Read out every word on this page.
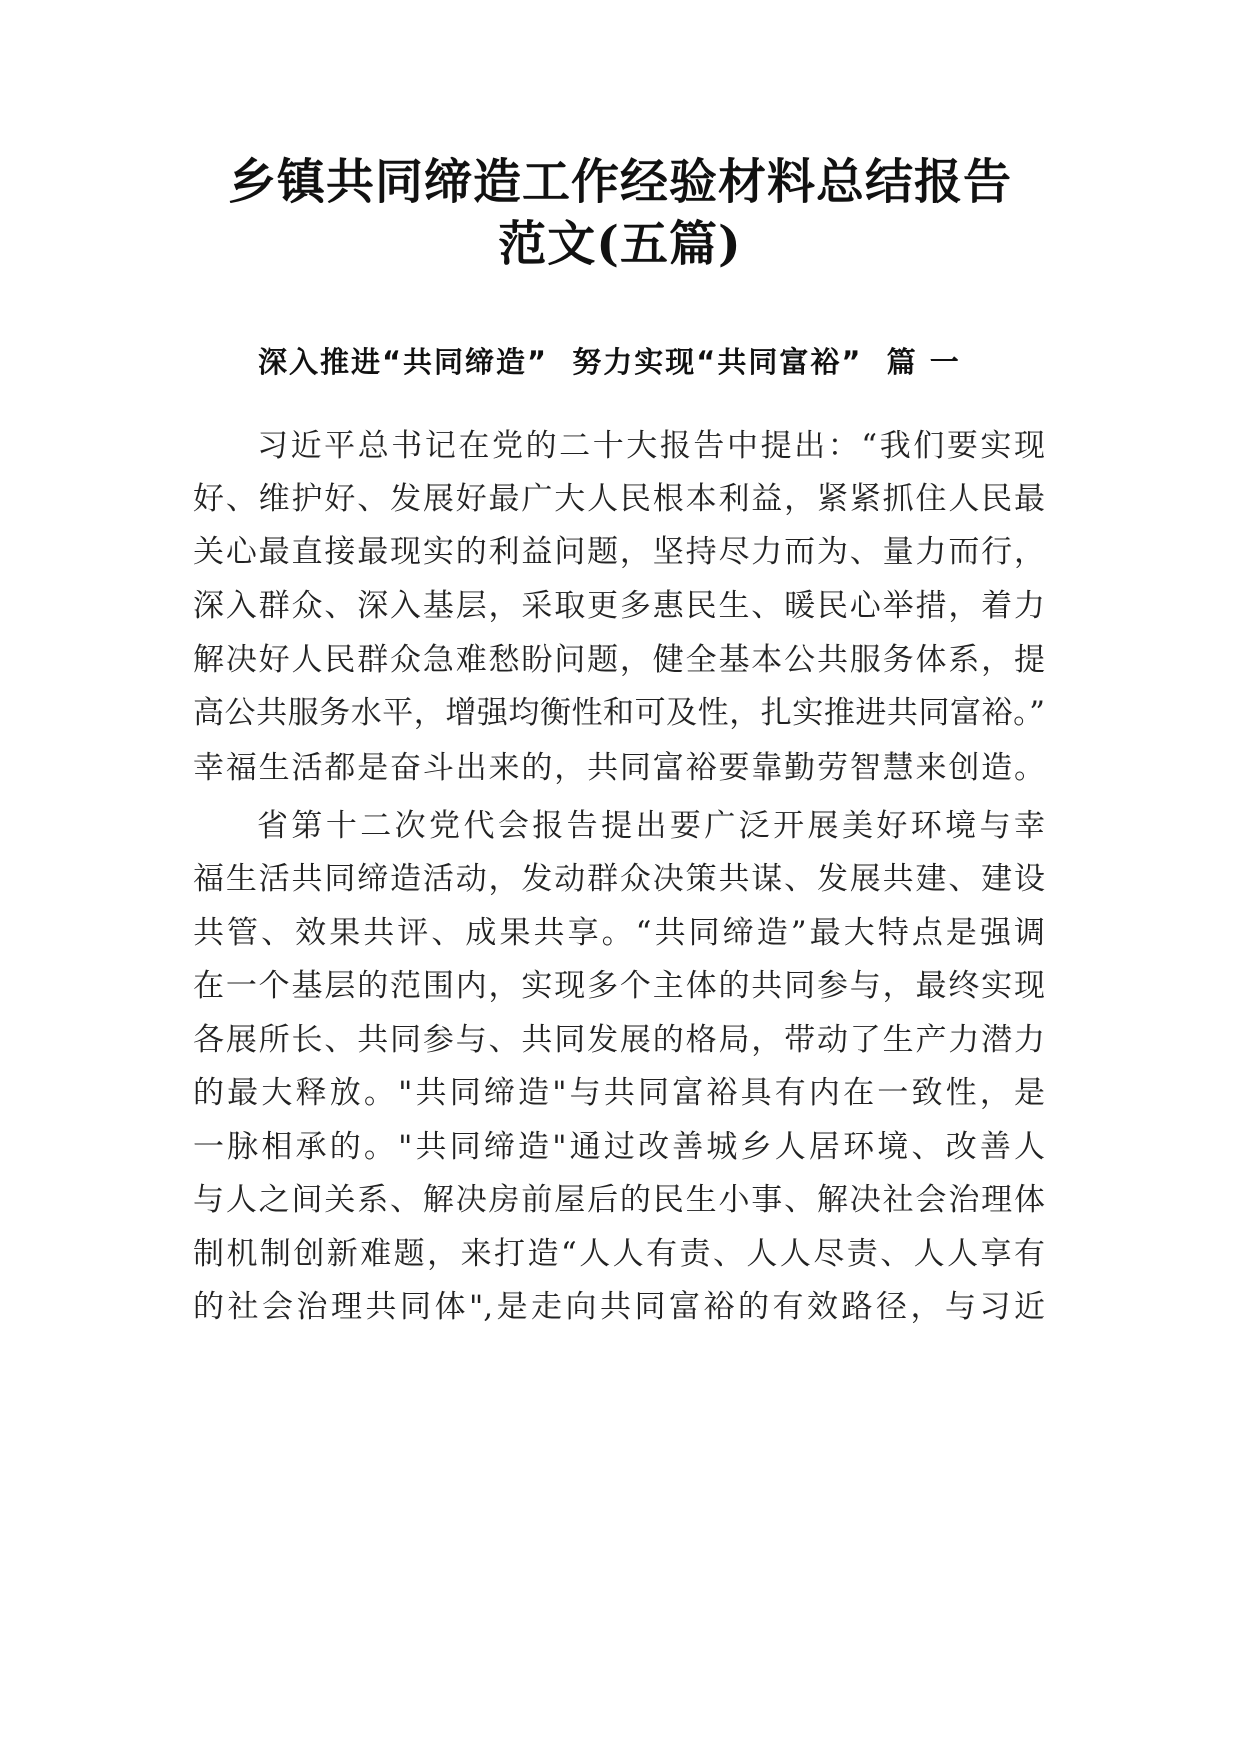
乡镇共同缔造工作经验材料总结报告
范文(五篇)
深入推进“共同缔造”  努力实现“共同富裕”  篇 一
习近平总书记在党的二十大报告中提出：“我们要实现
好、维护好、发展好最广大人民根本利益，紧紧抓住人民最
关心最直接最现实的利益问题，坚持尽力而为、量力而行，
深入群众、深入基层，采取更多惠民生、暖民心举措，着力
解决好人民群众急难愁盼问题，健全基本公共服务体系，提
高公共服务水平，增强均衡性和可及性，扎实推进共同富裕。”
幸福生活都是奋斗出来的，共同富裕要靠勤劳智慧来创造。
省第十二次党代会报告提出要广泛开展美好环境与幸
福生活共同缔造活动，发动群众决策共谋、发展共建、建设
共管、效果共评、成果共享。“共同缔造”最大特点是强调
在一个基层的范围内，实现多个主体的共同参与，最终实现
各展所长、共同参与、共同发展的格局，带动了生产力潜力
的最大释放。"共同缔造"与共同富裕具有内在一致性，是
一脉相承的。"共同缔造"通过改善城乡人居环境、改善人
与人之间关系、解决房前屋后的民生小事、解决社会治理体
制机制创新难题，来打造“人人有责、人人尽责、人人享有
的社会治理共同体",是走向共同富裕的有效路径，与习近
